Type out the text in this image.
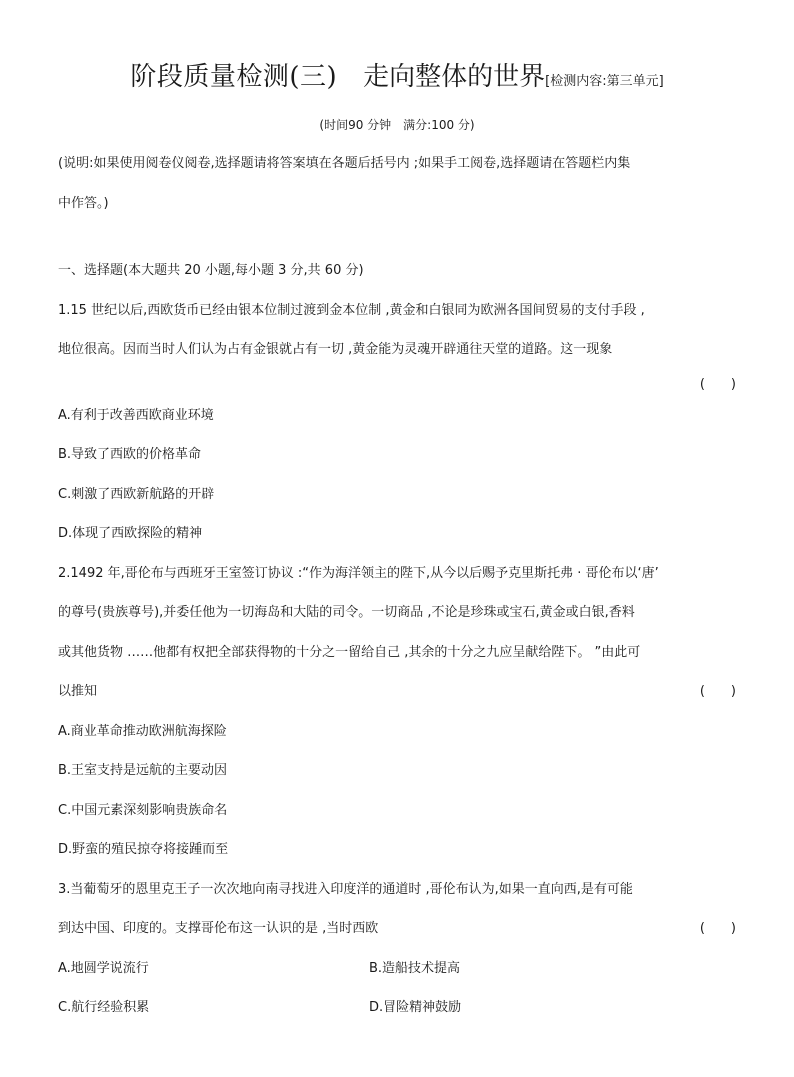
阶段质量检测(三) 走向整体的世界[检测内容:第三单元]
(时间90 分钟　满分:100 分)
(说明:如果使用阅卷仪阅卷,选择题请将答案填在各题后括号内 ;如果手工阅卷,选择题请在答题栏内集
中作答。)
一、选择题(本大题共 20 小题,每小题 3 分,共 60 分)
1.15 世纪以后,西欧货币已经由银本位制过渡到金本位制 ,黄金和白银同为欧洲各国间贸易的支付手段 ,
地位很高。因而当时人们认为占有金银就占有一切 ,黄金能为灵魂开辟通往天堂的道路。这一现象
(　　)
A.有利于改善西欧商业环境
B.导致了西欧的价格革命
C.刺激了西欧新航路的开辟
D.体现了西欧探险的精神
2.1492 年,哥伦布与西班牙王室签订协议 :“作为海洋领主的陛下,从今以后赐予克里斯托弗 · 哥伦布以‘唐’
的尊号(贵族尊号),并委任他为一切海岛和大陆的司令。一切商品 ,不论是珍珠或宝石,黄金或白银,香料
或其他货物 ……他都有权把全部获得物的十分之一留给自己 ,其余的十分之九应呈献给陛下。 ”由此可
以推知	(　　)
A.商业革命推动欧洲航海探险
B.王室支持是远航的主要动因
C.中国元素深刻影响贵族命名
D.野蛮的殖民掠夺将接踵而至
3.当葡萄牙的恩里克王子一次次地向南寻找进入印度洋的通道时 ,哥伦布认为,如果一直向西,是有可能
到达中国、印度的。支撑哥伦布这一认识的是 ,当时西欧	(　　)
A.地圆学说流行	B.造船技术提高
C.航行经验积累	D.冒险精神鼓励
